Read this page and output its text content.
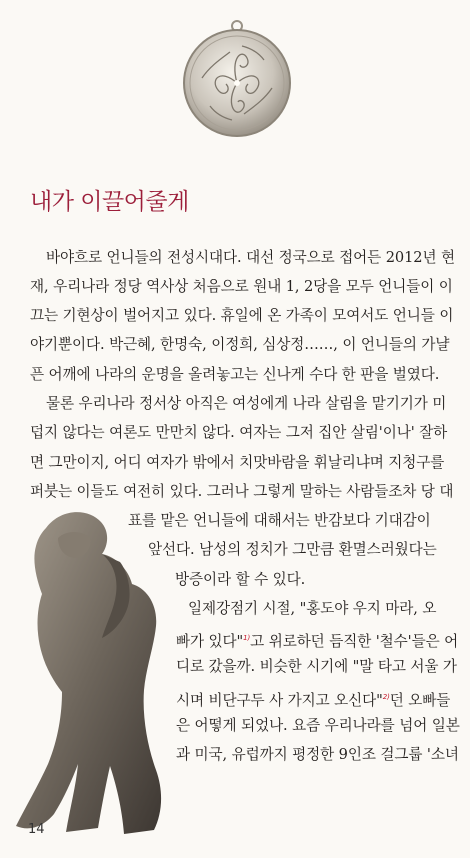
내가 이끌어줄게
바야흐로 언니들의 전성시대다. 대선 정국으로 접어든 2012년 현
재, 우리나라 정당 역사상 처음으로 원내 1, 2당을 모두 언니들이 이
끄는 기현상이 벌어지고 있다. 휴일에 온 가족이 모여서도 언니들 이
야기뿐이다. 박근혜, 한명숙, 이정희, 심상정……, 이 언니들의 가냘
픈 어깨에 나라의 운명을 올려놓고는 신나게 수다 한 판을 벌였다.
물론 우리나라 정서상 아직은 여성에게 나라 살림을 맡기기가 미
덥지 않다는 여론도 만만치 않다. 여자는 그저 집안 살림'이나' 잘하
면 그만이지, 어디 여자가 밖에서 치맛바람을 휘날리냐며 지청구를
퍼붓는 이들도 여전히 있다. 그러나 그렇게 말하는 사람들조차 당 대
표를 맡은 언니들에 대해서는 반감보다 기대감이
앞선다. 남성의 정치가 그만큼 환멸스러웠다는
방증이라 할 수 있다.
일제강점기 시절, "홍도야 우지 마라, 오
빠가 있다"$^{1)}$고 위로하던 듬직한 '철수'들은 어
디로 갔을까. 비슷한 시기에 "말 타고 서울 가
시며 비단구두 사 가지고 오신다"$^{2)}$던 오빠들
은 어떻게 되었나. 요즘 우리나라를 넘어 일본
과 미국, 유럽까지 평정한 9인조 걸그룹 '소녀
14
